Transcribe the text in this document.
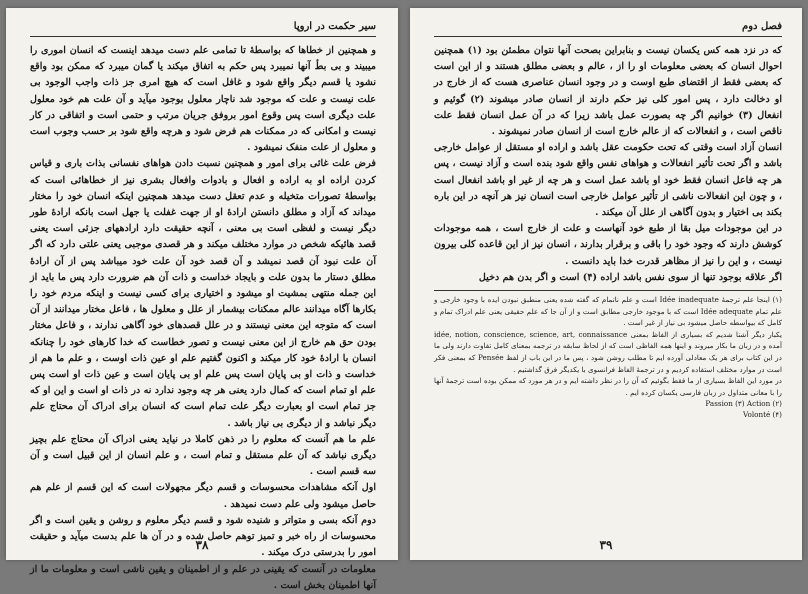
سیر حکمت در اروپا

و همچنین از خطاها که بواسطهٔ تا تمامی علم دست میدهد اینست که انسان اموری را میبیند و بی بطٔ آنها نمیبرد پس حکم به اتفاق میکند یا گمان میبرد که ممکن بود واقع نشود یا قسم دیگر واقع شود و غافل است که هیچ امری جز ذات واجب الوجود بی علت نیست و علت که موجود شد ناچار معلول بوجود میآید و آن علت هم خود معلول علت دیگری است پس وقوع امور بروفق جریان مرتب و حتمی است و اتفاقی در کار نیست و امکانی که در ممکنات هم فرض شود و هرچه واقع شود بر حسب وجوب است و معلول از علت منفک نمیشود .

فرض علت غائی برای امور و همچنین نسبت دادن هواهای نفسانی بذات باری و قیاس کردن اراده او به اراده و افعال و بادوات وافعال بشری نیز از خطاهائی است که بواسطهٔ تصورات متخیله و عدم تعقل دست میدهد همچنین اینکه انسان خود را مختار میداند که آزاد و مطلق دانستن ارادهٔ او از جهت غفلت یا جهل است بانکه ارادهٔ طور دیگر نیست و لفظی است بی معنی ، آنچه حقیقت دارد ارادههای جزئی است یعنی قصد هائیکه شخص در موارد مختلف میکند و هر قصدی موجبی یعنی علتی دارد که اگر آن علت نبود آن قصد نمیشد و آن قصد خود آن علت خود میباشد پس از آن ارادهٔ مطلق دستار ما بدون علت و بایجاد خداست و ذات آن هم ضرورت دارد پس ما باید از این جمله منتهی بمشیت او میشود و اختیاری برای کسی نیست و اینکه مردم خود را بکارها آگاه میدانند عالم ممکنات بیشمار از علل و معلول ها ، فاعل مختار میدانند از آن است که متوجه این معنی نیستند و در علل قصدهای خود آگاهی ندارند ، و فاعل مختار بودن حق هم خارج از این معنی نیست و تصور خطاست که خدا کارهای خود را چنانکه انسان با ارادهٔ خود کار میکند و اکنون گفتیم علم او عین ذات اوست ، و علم ما هم از خداست و ذات او بی پایان است پس علم او بی پایان است و عین ذات او است پس علم او تمام است که کمال دارد یعنی هر چه وجود ندارد نه در ذات او است و این او که جز تمام است او بعبارت دیگر علت تمام است که انسان برای ادراک آن محتاج علم دیگر نباشد و از دیگری بی نیاز باشد .

علم ما هم آنست که معلوم را در ذهن کاملا در نیاید یعنی ادراک آن محتاج علم بچیز دیگری نباشد که آن علم مستقل و تمام است ، و علم انسان از این قبیل است و آن سه قسم است .

اول آنکه مشاهدات محسوسات و قسم دیگر مجهولات است که این قسم از علم هم حاصل میشود ولی علم دست نمیدهد .

دوم آنکه بسی و متواتر و شنیده شود و قسم دیگر معلوم و روشن و یقین است و اگر محسوسات از راه خبر و تمیز توهم حاصل شده و در آن ها علم بدست میآید و حقیقت امور را بدرستی درک میکند .

معلومات در آنست که یقینی در علم و از اطمینان و یقین ناشی است و معلومات ما از آنها اطمینان بخش است .

۳۸
فصل دوم

که در نزد همه کس یکسان نیست و بنابراین بصحت آنها نتوان مطمئن بود (۱) همچنین احوال انسان که بعضی معلومات او را از ، عالم و بعضی مطلق هستند و از این است که بعضی فقط از اقتضای طبع اوست و در وجود انسان عناصری هست که از خارج در او دخالت دارد ، پس امور کلی نیز حکم دارند از انسان صادر میشوند (۲) گوئیم و انفعال (۳) خوانیم اگر چه بصورت عمل باشد زیرا که در آن عمل انسان فقط علت ناقص است ، و انفعالات که از عالم خارج است از انسان صادر نمیشوند .

انسان آزاد است وقتی که تحت حکومت عقل باشد و اراده او مستقل از عوامل خارجی باشد و اگر تحت تأثیر انفعالات و هواهای نفس واقع شود بنده است و آزاد نیست ، پس هر چه فاعل انسان فقط خود او باشد عمل است و هر چه از غیر او باشد انفعال است ، و چون این انفعالات ناشی از تأثیر عوامل خارجی است انسان نیز هر آنچه در این باره بکند بی اختیار و بدون آگاهی از علل آن میکند .

در این موجودات میل بقا از طبع خود آنهاست و علت از خارج است ، همه موجودات کوشش دارند که وجود خود را باقی و برقرار بدارند ، انسان نیز از این قاعده کلی بیرون نیست ، و این را نیز از مظاهر قدرت خدا باید دانست .

اگر علاقه بوجود تنها از سوی نفس باشد اراده (۴) است و اگر بدن هم دخیل

(۱) اینجا علم ترجمهٔ Idée inadequate است و علم ناتمام که گفته شده یعنی منطبق نبودن ایده با وجود خارجی و علم تمام Idée adequate است که با موجود خارجی مطابق است و از آن جا که علم حقیقی یعنی علم ادراک تمام و کامل که بیواسطه حاصل میشود بی نیاز از غیر است .

یکبار دیگر آشنا شدیم که بسیاری از الفاظ بمعنی idée, notion, conscience, science, art, connaissance آمده و در زبان ما بکار میروند و اینها همه الفاظی است که از لحاظ سابقه در ترجمه بمعنای کامل تفاوت دارند ولی ما در این کتاب برای هر یک معادلی آورده ایم تا مطلب روشن شود ، پس ما در این باب از لفظ Pensée که بمعنی فکر است در موارد مختلف استفاده کردیم و در ترجمهٔ الفاظ فرانسوی با یکدیگر فرق گذاشتیم .

در مورد این الفاظ بسیاری از ما فقط بگوئیم که آن را در نظر داشته ایم و در هر مورد که ممکن بوده است ترجمهٔ آنها را با معانی متداول در زبان فارسی یکسان کرده ایم .

Passion (۳) Action (۲)
Volonté (۴)
۳۹
